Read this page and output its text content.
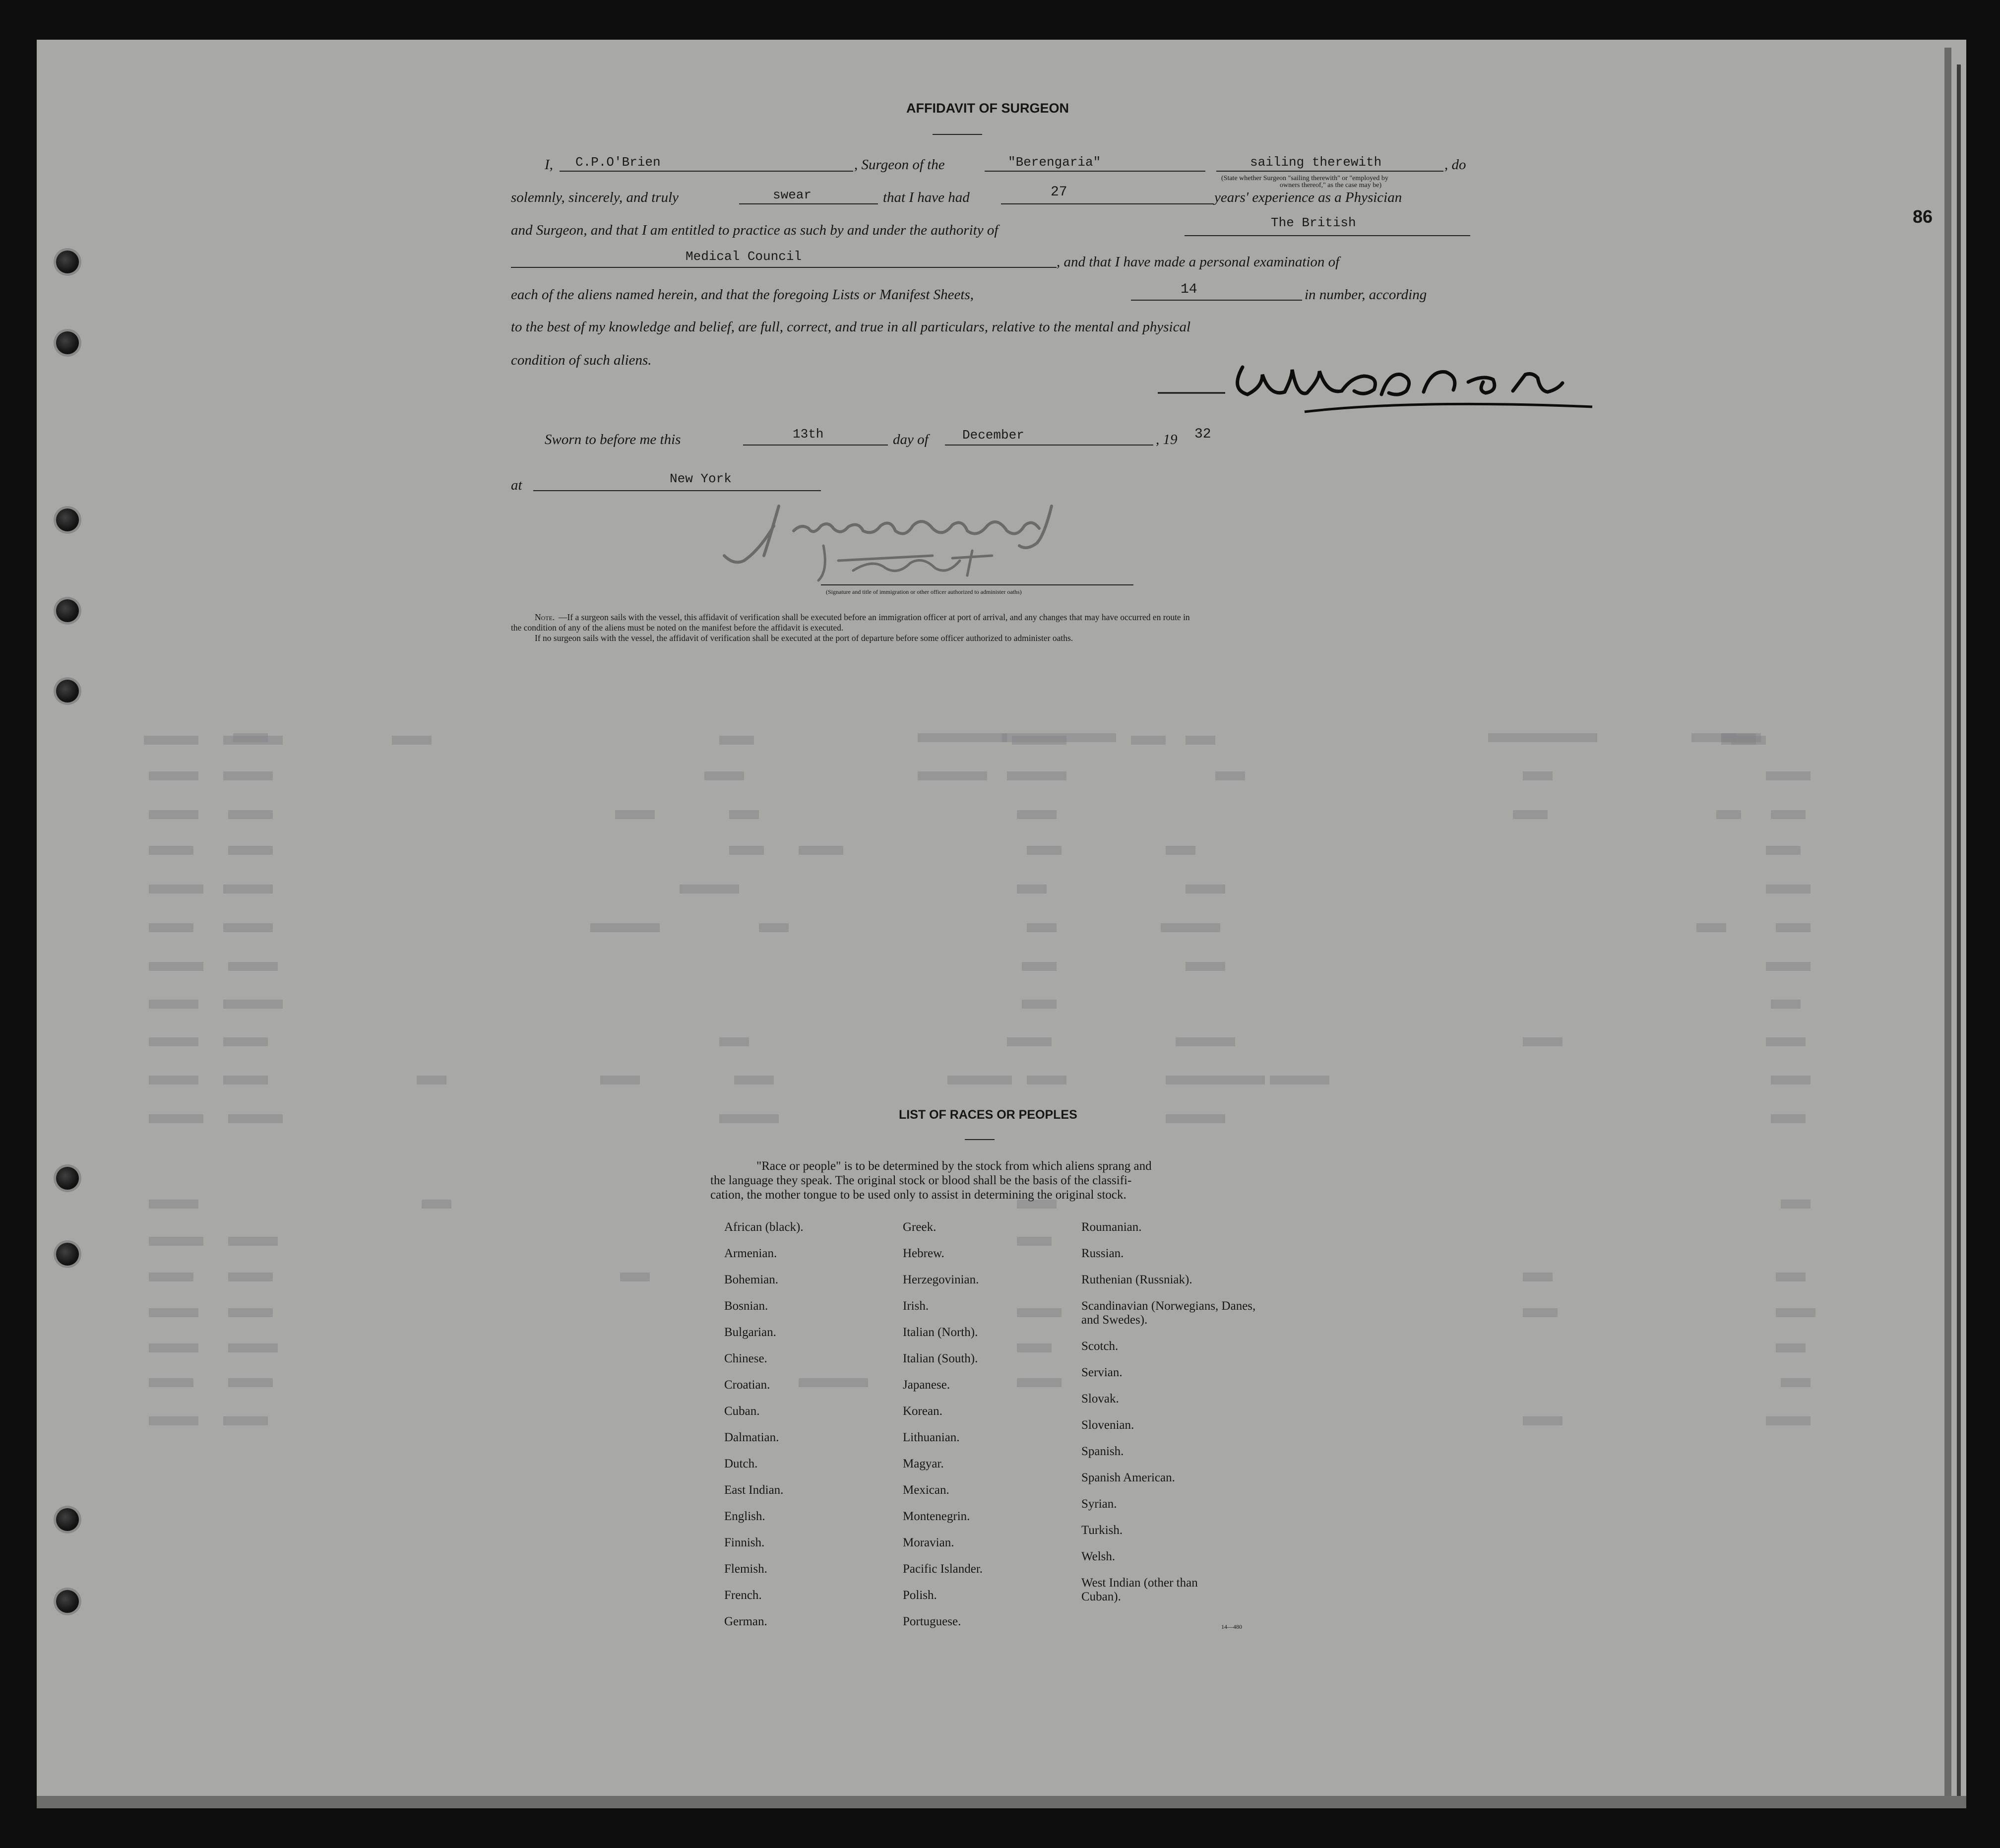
86
AFFIDAVIT OF SURGEON
I, C.P.O'Brien	, Surgeon of the	"Berengaria"	sailing therewith	, do
(State whether Surgeon "sailing therewith" or "employed by
owners thereof," as the case may be)
solemnly, sincerely, and truly	swear	that I have had	27	years' experience as a Physician
and Surgeon, and that I am entitled to practice as such by and under the authority of	The British
Medical Council	, and that I have made a personal examination of
each of the aliens named herein, and that the foregoing Lists or Manifest Sheets,	14	in number, according
to the best of my knowledge and belief, are full, correct, and true in all particulars, relative to the mental and physical
condition of such aliens.
Sworn to before me this	13th	day of	December	, 19 32
at	New York
(Signature and title of immigration or other officer authorized to administer oaths)
Note. —If a surgeon sails with the vessel, this affidavit of verification shall be executed before an immigration officer at port of arrival, and any changes that may have occurred en route in
the condition of any of the aliens must be noted on the manifest before the affidavit is executed.
If no surgeon sails with the vessel, the affidavit of verification shall be executed at the port of departure before some officer authorized to administer oaths.
LIST OF RACES OR PEOPLES
"Race or people" is to be determined by the stock from which aliens sprang and
the language they speak. The original stock or blood shall be the basis of the classifi-
cation, the mother tongue to be used only to assist in determining the original stock.
African (black).
Armenian.
Bohemian.
Bosnian.
Bulgarian.
Chinese.
Croatian.
Cuban.
Dalmatian.
Dutch.
East Indian.
English.
Finnish.
Flemish.
French.
German.
Greek.
Hebrew.
Herzegovinian.
Irish.
Italian (North).
Italian (South).
Japanese.
Korean.
Lithuanian.
Magyar.
Mexican.
Montenegrin.
Moravian.
Pacific Islander.
Polish.
Portuguese.
Roumanian.
Russian.
Ruthenian (Russniak).
Scandinavian (Norwegians, Danes, and Swedes).
Scotch.
Servian.
Slovak.
Slovenian.
Spanish.
Spanish American.
Syrian.
Turkish.
Welsh.
West Indian (other than Cuban).
14—480
